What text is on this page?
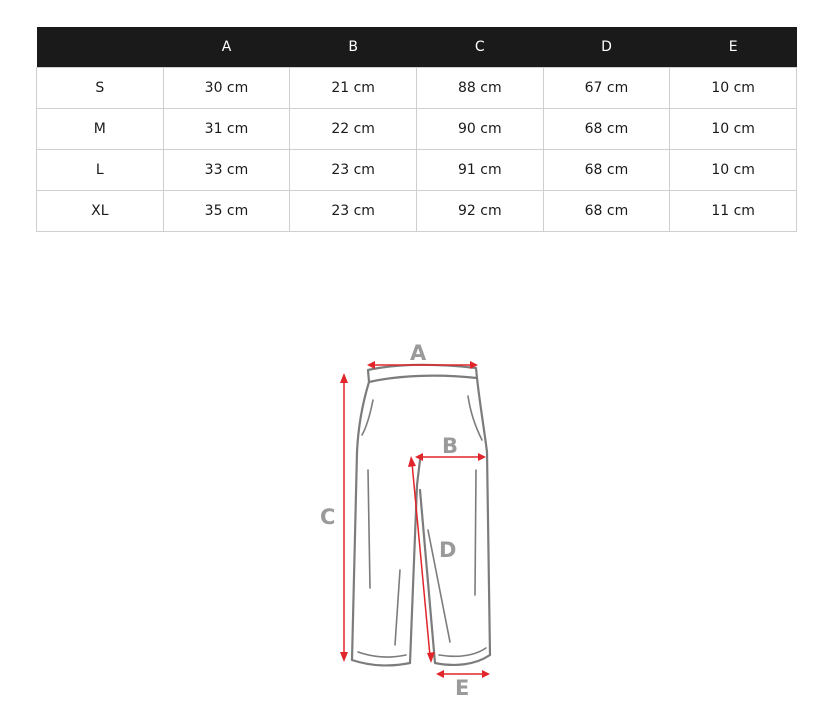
	A	B	C	D	E
S	30 cm	21 cm	88 cm	67 cm	10 cm
M	31 cm	22 cm	90 cm	68 cm	10 cm
L	33 cm	23 cm	91 cm	68 cm	10 cm
XL	35 cm	23 cm	92 cm	68 cm	11 cm
A
B
C
D
E
